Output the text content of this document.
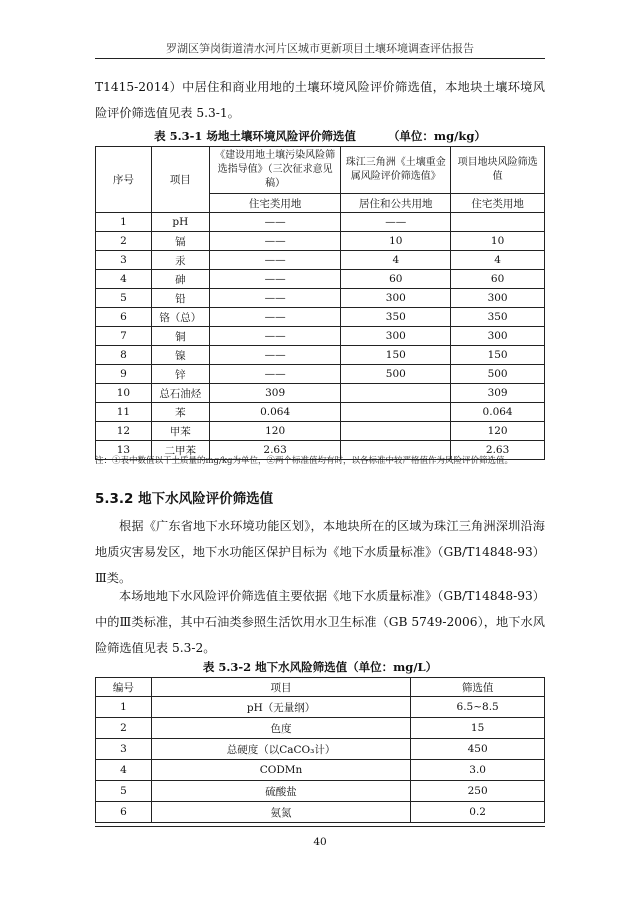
罗湖区笋岗街道清水河片区城市更新项目土壤环境调查评估报告

T1415-2014）中居住和商业用地的土壤环境风险评价筛选值，本地块土壤环境风险评价筛选值见表 5.3-1。

表 5.3-1 场地土壤环境风险评价筛选值	（单位：mg/kg）
序号	项目	《建设用地土壤污染风险筛选指导值》（三次征求意见稿）	珠江三角洲《土壤重金属风险评价筛选值》	项目地块风险筛选值
		住宅类用地	居住和公共用地	住宅类用地
1	pH	——	——	
2	镉	——	10	10
3	汞	——	4	4
4	砷	——	60	60
5	铅	——	300	300
6	铬（总）	——	350	350
7	铜	——	300	300
8	镍	——	150	150
9	锌	——	500	500
10	总石油烃	309		309
11	苯	0.064		0.064
12	甲苯	120		120
13	二甲苯	2.63		2.63
注：①表中数值以干土质量的mg/kg为单位，②两个标准值均有时，以各标准中较严格值作为风险评价筛选值。
5.3.2 地下水风险评价筛选值

根据《广东省地下水环境功能区划》，本地块所在的区域为珠江三角洲深圳沿海地质灾害易发区，地下水功能区保护目标为《地下水质量标准》（GB/T14848-93）Ⅲ类。

本场地地下水风险评价筛选值主要依据《地下水质量标准》（GB/T14848-93）中的Ⅲ类标准，其中石油类参照生活饮用水卫生标准（GB 5749-2006），地下水风险筛选值见表 5.3-2。

表 5.3-2 地下水风险筛选值（单位：mg/L）
编号	项目	筛选值
1	pH（无量纲）	6.5~8.5
2	色度	15
3	总硬度（以CaCO₃计）	450
4	CODMn	3.0
5	硫酸盐	250
6	氨氮	0.2
40
